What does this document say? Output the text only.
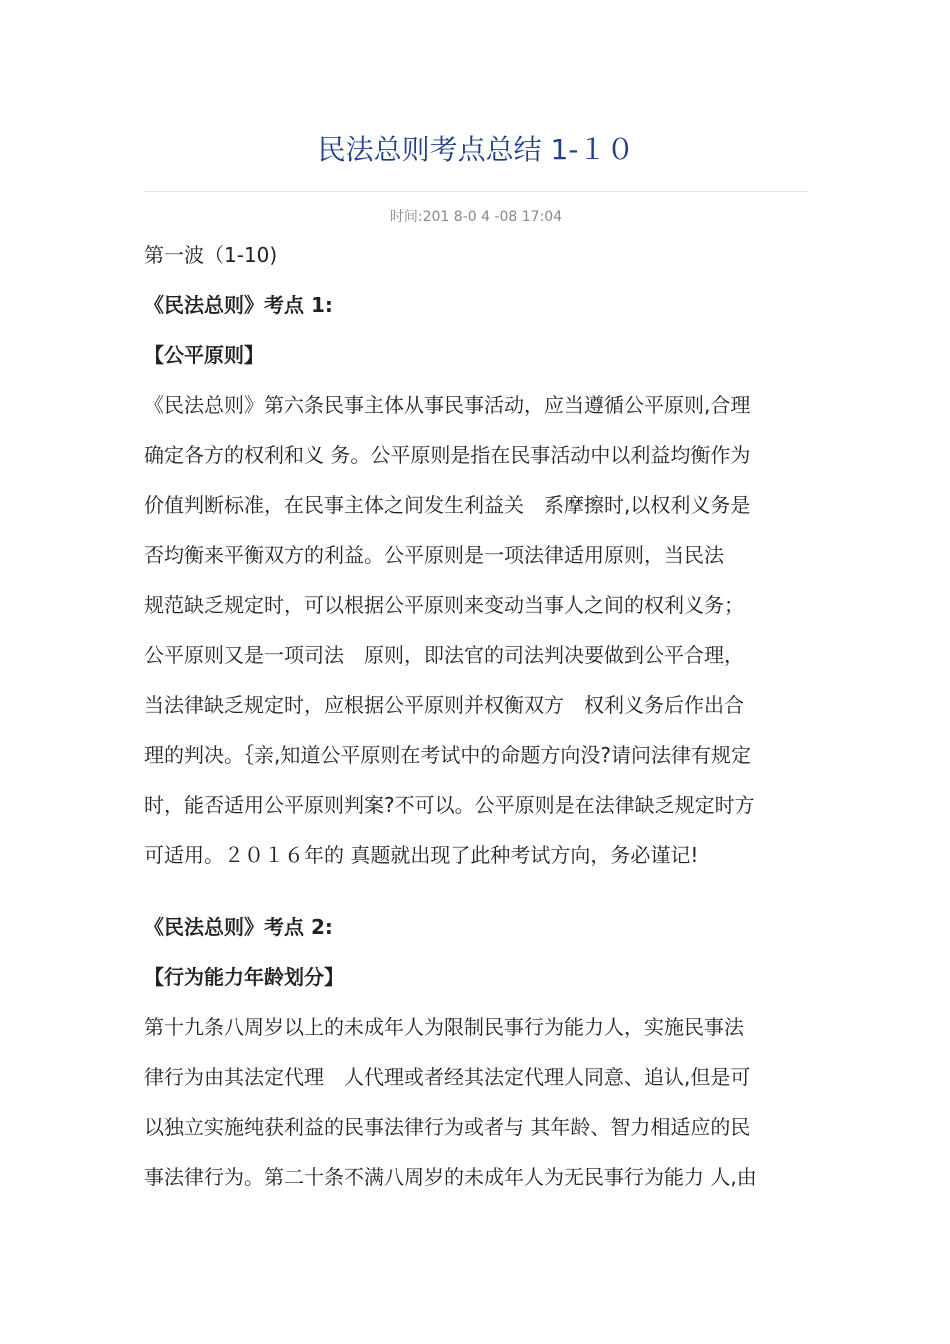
民法总则考点总结 1-１０
时间:201 8-0 4 -08 17:04
第一波（1-10)
《民法总则》考点 1:
【公平原则】
《民法总则》第六条民事主体从事民事活动，应当遵循公平原则,合理
确定各方的权利和义 务。公平原则是指在民事活动中以利益均衡作为
价值判断标准，在民事主体之间发生利益关　系摩擦时,以权利义务是
否均衡来平衡双方的利益。公平原则是一项法律适用原则，当民法
规范缺乏规定时，可以根据公平原则来变动当事人之间的权利义务；
公平原则又是一项司法　原则，即法官的司法判决要做到公平合理，
当法律缺乏规定时，应根据公平原则并权衡双方　权利义务后作出合
理的判决。｛亲,知道公平原则在考试中的命题方向没?请问法律有规定
时，能否适用公平原则判案?不可以。公平原则是在法律缺乏规定时方
可适用。２０１６年的 真题就出现了此种考试方向，务必谨记!
《民法总则》考点 2:
【行为能力年龄划分】
第十九条八周岁以上的未成年人为限制民事行为能力人，实施民事法
律行为由其法定代理　人代理或者经其法定代理人同意、追认,但是可
以独立实施纯获利益的民事法律行为或者与 其年龄、智力相适应的民
事法律行为。第二十条不满八周岁的未成年人为无民事行为能力 人,由
